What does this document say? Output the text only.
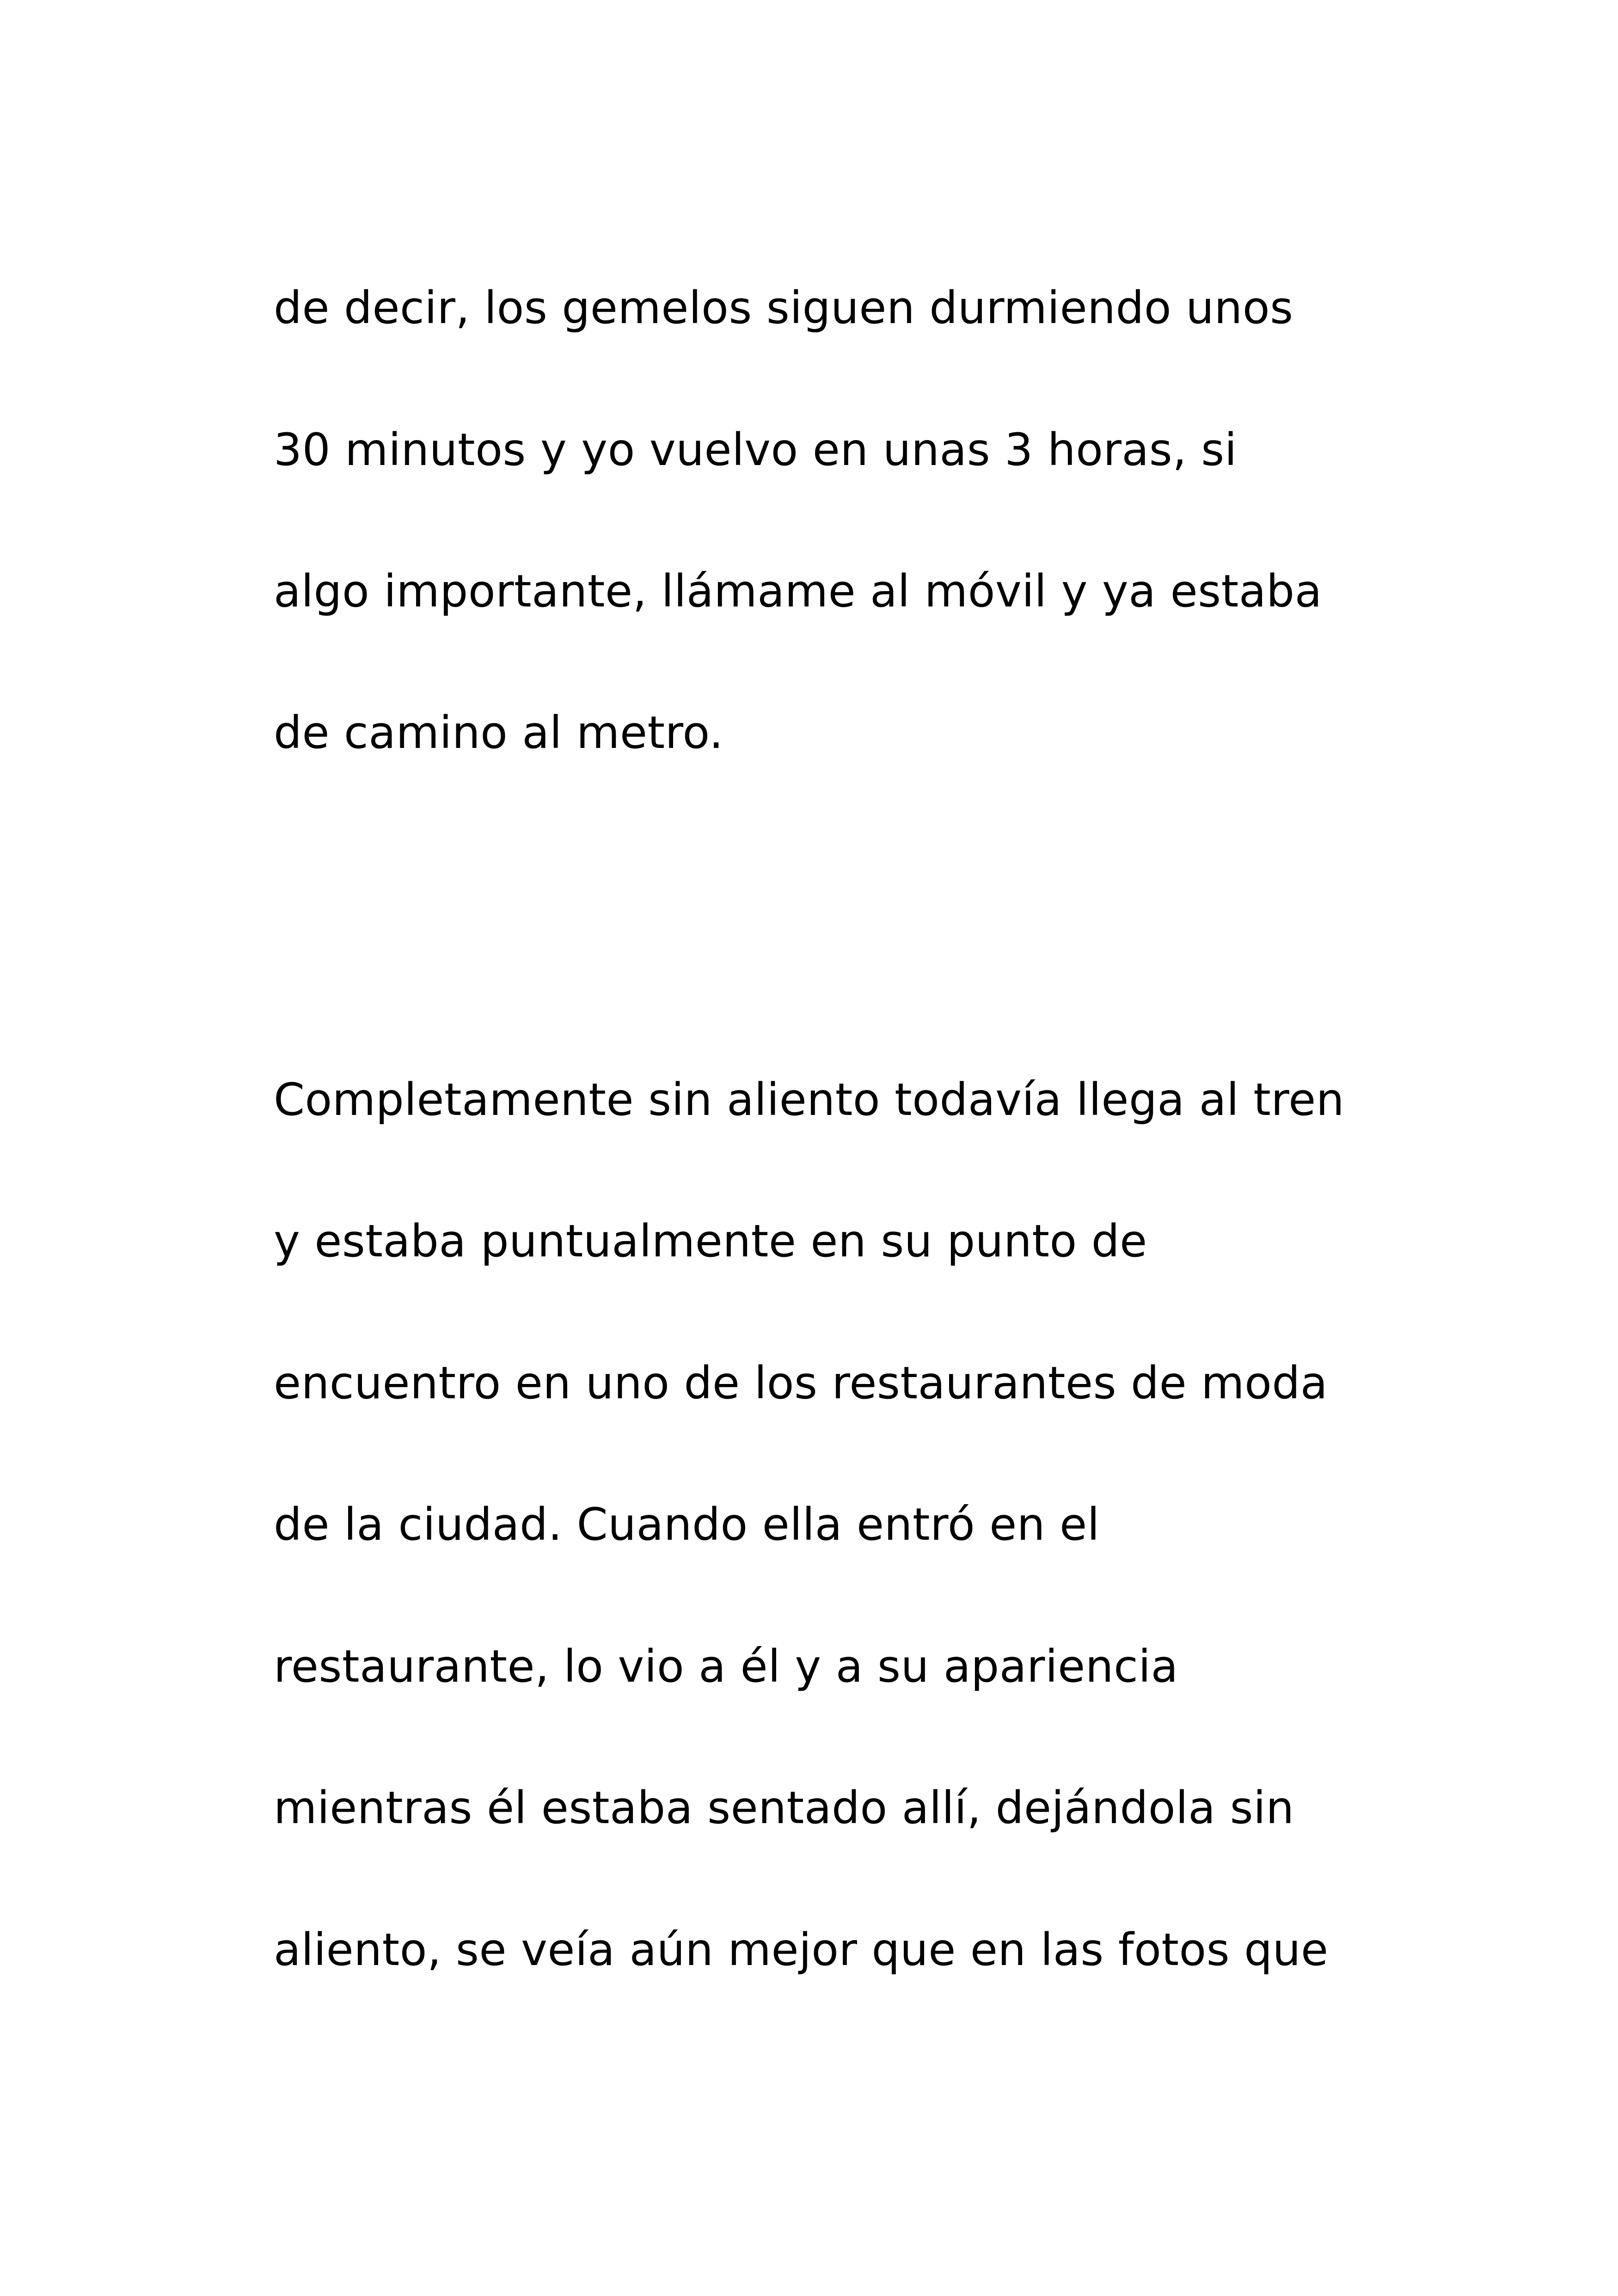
de decir, los gemelos siguen durmiendo unos

30 minutos y yo vuelvo en unas 3 horas, si

algo importante, llámame al móvil y ya estaba

de camino al metro.

Completamente sin aliento todavía llega al tren

y estaba puntualmente en su punto de

encuentro en uno de los restaurantes de moda

de la ciudad. Cuando ella entró en el

restaurante, lo vio a él y a su apariencia

mientras él estaba sentado allí, dejándola sin

aliento, se veía aún mejor que en las fotos que
